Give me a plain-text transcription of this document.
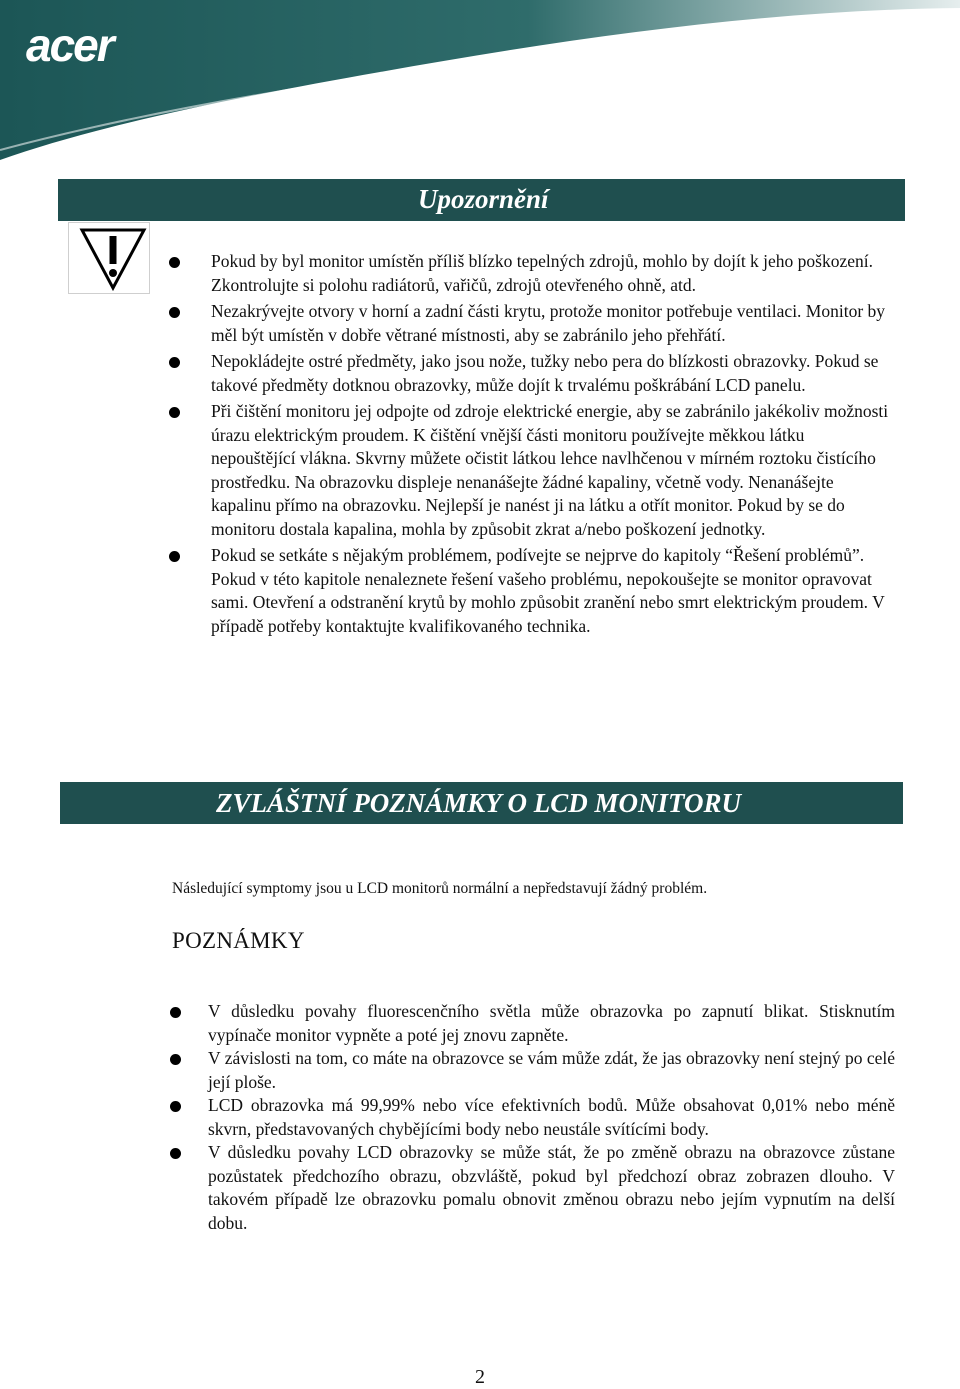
acer
Upozornění
Pokud by byl monitor umístěn příliš blízko tepelných zdrojů, mohlo by dojít k jeho poškození. Zkontrolujte si polohu radiátorů, vařičů, zdrojů otevřeného ohně, atd.
Nezakrývejte otvory v horní a zadní části krytu, protože monitor potřebuje ventilaci. Monitor by měl být umístěn v dobře větrané místnosti, aby se zabránilo jeho přehřátí.
Nepokládejte ostré předměty, jako jsou nože, tužky nebo pera do blízkosti obrazovky. Pokud se takové předměty dotknou obrazovky, může dojít k trvalému poškrábání LCD panelu.
Při čištění monitoru jej odpojte od zdroje elektrické energie, aby se zabránilo jakékoliv možnosti úrazu elektrickým proudem. K čištění vnější části monitoru používejte měkkou látku nepouštějící vlákna. Skvrny můžete očistit látkou lehce navlhčenou v mírném roztoku čistícího prostředku. Na obrazovku displeje nenanášejte žádné kapaliny, včetně vody. Nenanášejte kapalinu přímo na obrazovku. Nejlepší je nanést ji na látku a otřít monitor. Pokud by se do monitoru dostala kapalina, mohla by způsobit zkrat a/nebo poškození jednotky.
Pokud se setkáte s nějakým problémem, podívejte se nejprve do kapitoly “Řešení problémů”. Pokud v této kapitole nenaleznete řešení vašeho problému, nepokoušejte se monitor opravovat sami. Otevření a odstranění krytů by mohlo způsobit zranění nebo smrt elektrickým proudem. V případě potřeby kontaktujte kvalifikovaného technika.
ZVLÁŠTNÍ POZNÁMKY O LCD MONITORU
Následující symptomy jsou u LCD monitorů normální a nepředstavují žádný problém.
POZNÁMKY
V důsledku povahy fluorescenčního světla může obrazovka po zapnutí blikat. Stisknutím vypínače monitor vypněte a poté jej znovu zapněte.
V závislosti na tom, co máte na obrazovce se vám může zdát, že jas obrazovky není stejný po celé její ploše.
LCD obrazovka má 99,99% nebo více efektivních bodů. Může obsahovat 0,01% nebo méně skvrn, představovaných chybějícími body nebo neustále svítícími body.
V důsledku povahy LCD obrazovky se může stát, že po změně obrazu na obrazovce zůstane pozůstatek předchozího obrazu, obzvláště, pokud byl předchozí obraz zobrazen dlouho. V takovém případě lze obrazovku pomalu obnovit změnou obrazu nebo jejím vypnutím na delší dobu.
2
